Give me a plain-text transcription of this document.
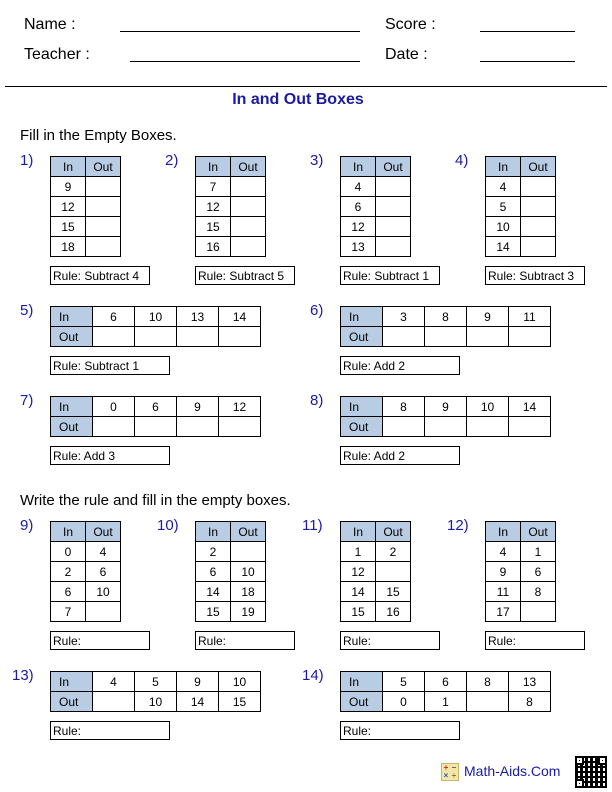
Name :	Score :
Teacher :	Date :
In and Out Boxes
Fill in the Empty Boxes.
Write the rule and fill in the empty boxes.
1) In	Out
9	
12	
15	
18	
Rule: Subtract 4
2) In	Out
7	
12	
15	
16	
Rule: Subtract 5
3) In	Out
4	
6	
12	
13	
Rule: Subtract 1
4) In	Out
4	
5	
10	
14	
Rule: Subtract 3
5) In	6	10	13	14
Out				
Rule: Subtract 1
6) In	3	8	9	11
Out				
Rule: Add 2
7) In	0	6	9	12
Out				
Rule: Add 3
8) In	8	9	10	14
Out				
Rule: Add 2
9) In	Out
0	4
2	6
6	10
7	
Rule:
10) In	Out
2	
6	10
14	18
15	19
Rule:
11)	In	Out
1	2
12	
14	15
15	16
Rule:
12) In	Out
4	1
9	6
11	8
17	
Rule:
13) In	4	5	9	10
Out		10	14	15
Rule:
14) In	5	6	8	13
Out	0	1		8
Rule:
+ −
× ÷ Math-Aids.Com
